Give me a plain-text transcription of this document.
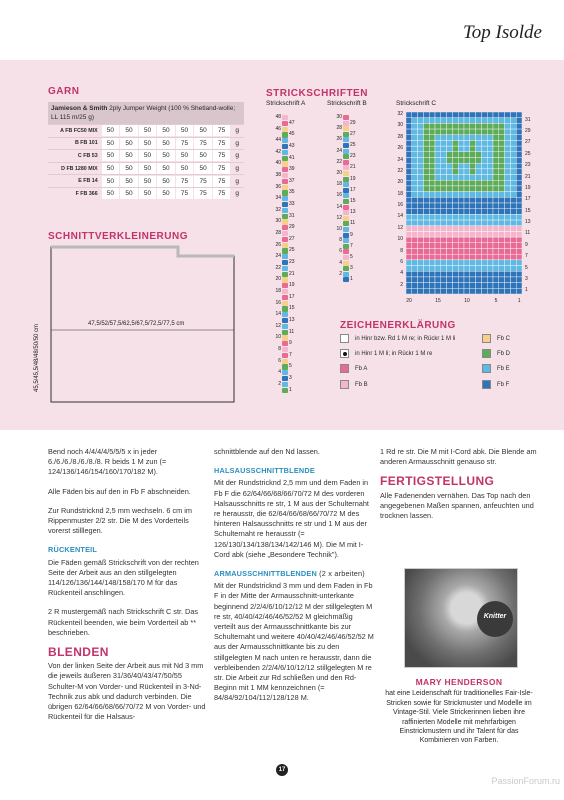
Top Isolde
GARN
Jamieson & Smith 2ply Jumper Weight (100 % Shetland-wolle; LL 115 m/25 g)
A FB FC50 MIX	50	50	50	50	50	50	75	g
B FB 101	50	50	50	50	75	75	75	g
C FB 53	50	50	50	50	50	50	75	g
D FB 1280 MIX	50	50	50	50	50	50	75	g
E FB 14	50	50	50	50	75	75	75	g
F FB 366	50	50	50	50	75	75	75	g
SCHNITTVERKLEINERUNG
47,5/52/57,5/62,5/67,5/72,5/77,5 cm
45,5/45,5/48/48/50/50 cm
STRICKSCHRIFTEN
Strickschrift A	Strickschrift B	Strickschrift C
48
47
46
45
44
43
42
41
40
39
38
37
36
35
34
33
32
31
30
29
28
27
26
25
24
23
22
21
20
19
18
17
16
15
14
13
12
11
10
9
8
7
6
5
4
3
2
1
30
29
28
27
26
25
24
23
22
21
20
19
18
17
16
15
14
13
12
11
10
9
8
7
6
5
4
3
2
1
32
30
28
26
24
22
20
18
16
14
12
10
8
6
4
2
31
29
27
25
23
21
19
17
15
13
11
9
7
5
3
1
20	15	10	5	1
ZEICHENERKLÄRUNG
in Hinr bzw. Rd 1 M re; in Rückr 1 M li
in Hinr 1 M li; in Rückr 1 M re
Fb A
Fb B
Fb C
Fb D
Fb E
Fb F

Bend noch 4/4/4/4/5/5/5 x in jeder 6./6./6./8./6./8./8. R beids 1 M zun (= 124/136/146/154/160/170/182 M).

Alle Fäden bis auf den in Fb F abschneiden.

Zur Rundstricknd 2,5 mm wechseln. 6 cm im Rippenmuster 2/2 str. Die M des Vorderteils vorerst stilllegen.

RÜCKENTEIL

Die Fäden gemäß Strickschrift von der rechten Seite der Arbeit aus an den stillgelegten 114/126/136/144/148/158/170 M für das Rückenteil anschlingen.

2 R mustergemäß nach Strickschrift C str. Das Rückenteil beenden, wie beim Vorderteil ab ** beschrieben.

BLENDEN

Von der linken Seite der Arbeit aus mit Nd 3 mm die jeweils äußeren 31/36/40/43/47/50/55 Schulter-M von Vorder- und Rückenteil in 3-Nd-Technik zus abk und dadurch verbinden. Die übrigen 62/64/66/68/66/70/72 M von Vorder- und Rückenteil für die Halsaus-

schnittblende auf den Nd lassen.

HALSAUSSCHNITTBLENDE

Mit der Rundstricknd 2,5 mm und dem Faden in Fb F die 62/64/66/68/66/70/72 M des vorderen Halsausschnitts re str, 1 M aus der Schulternaht re herausstr, die 62/64/66/68/66/70/72 M des hinteren Halsausschnitts re str und 1 M aus der Schulternaht re herausstr (= 126/130/134/138/134/142/146 M). Die M mit I-Cord abk (siehe „Besondere Technik").

ARMAUSSCHNITTBLENDEN (2 x arbeiten)

Mit der Rundstricknd 3 mm und dem Faden in Fb F in der Mitte der Armausschnitt-unterkante beginnend 2/2/4/6/10/12/12 M der stillgelegten M re str, 40/40/42/46/46/52/52 M gleichmäßig verteilt aus der Armausschnittkante bis zur Schulternaht und weitere 40/40/42/46/46/52/52 M aus der Armausschnittkante bis zu den stillgelegten M nach unten re herausstr, dann die verbleibenden 2/2/4/6/10/12/12 stillgelegten M re str. Die Arbeit zur Rd schließen und den Rd-Beginn mit 1 MM kennzeichnen (= 84/84/92/104/112/128/128 M.

1 Rd re str. Die M mit I-Cord abk. Die Blende am anderen Armausschnitt genauso str.

FERTIGSTELLUNG

Alle Fadenenden vernähen. Das Top nach den angegebenen Maßen spannen, anfeuchten und trocknen lassen.

Knitter
MARY HENDERSON
hat eine Leidenschaft für traditionelles Fair-Isle-Stricken sowie für Strickmuster und Modelle im Vintage-Stil. Viele Strickerinnen lieben ihre raffinierten Modelle mit mehrfarbigen Einstrickmustern und ihr Talent für das Kombinieren von Farben.
17
PassionForum.ru
